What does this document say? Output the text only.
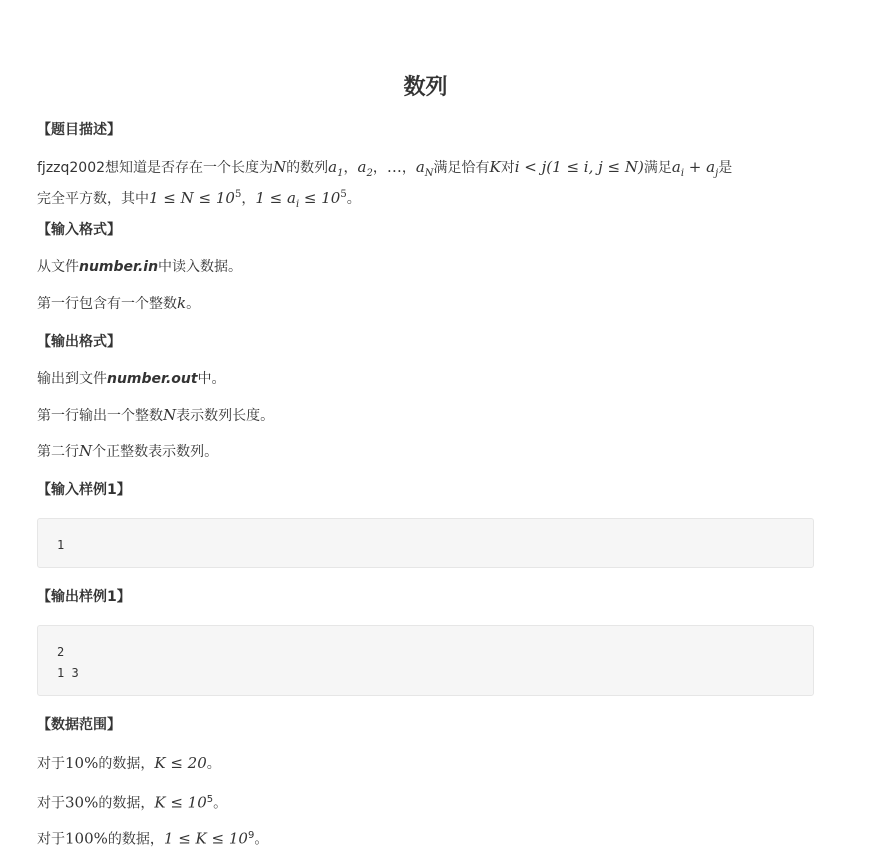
数列
【题目描述】
fjzzq2002想知道是否存在一个长度为N的数列$a_1$，$a_2$，…，$a_N$满足恰有K对i < j(1 ≤ i, j ≤ N)满足$a_i + a_j$是
完全平方数，其中$1 \le N \le 10^5$，$1 \le a_i \le 10^5$。
【输入格式】
从文件number.in中读入数据。
第一行包含有一个整数k。
【输出格式】
输出到文件number.out中。
第一行输出一个整数N表示数列长度。
第二行N个正整数表示数列。
【输入样例1】
1
【输出样例1】
2
1 3
【数据范围】
对于10%的数据，K ≤ 20。
对于30%的数据，$K \le 10^5$。
对于100%的数据，$1 \le K \le 10^9$。
